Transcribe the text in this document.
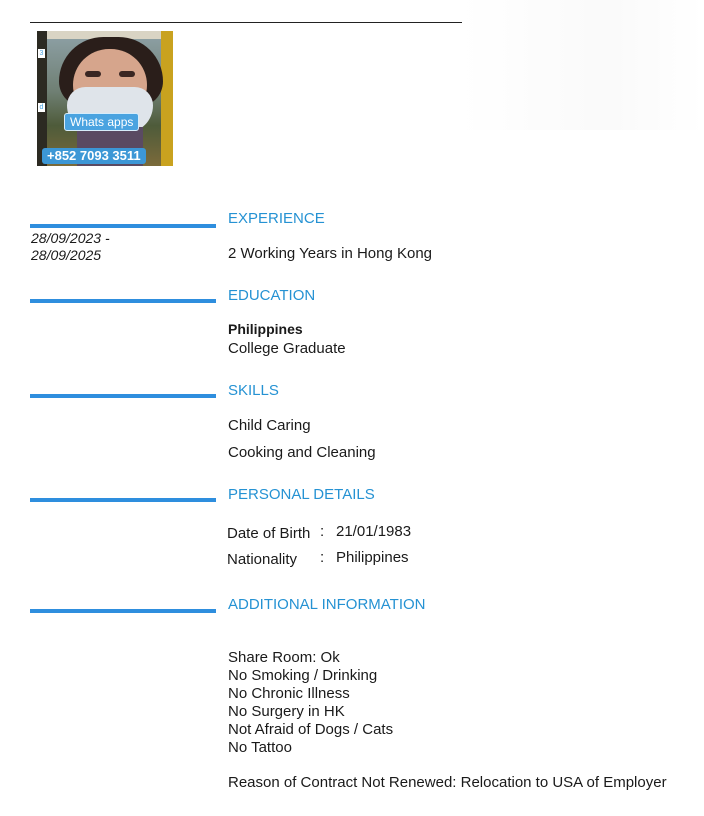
3
d
Whats apps
+852 7093 3511
EXPERIENCE
28/09/2023 -
28/09/2025	2 Working Years in Hong Kong
EDUCATION
Philippines
College Graduate
SKILLS
Child Caring
Cooking and Cleaning
PERSONAL DETAILS
Date of Birth : 21/01/1983
Nationality : Philippines
ADDITIONAL INFORMATION
Share Room: Ok
No Smoking / Drinking
No Chronic Illness
No Surgery in HK
Not Afraid of Dogs / Cats
No Tattoo
Reason of Contract Not Renewed: Relocation to USA of Employer
